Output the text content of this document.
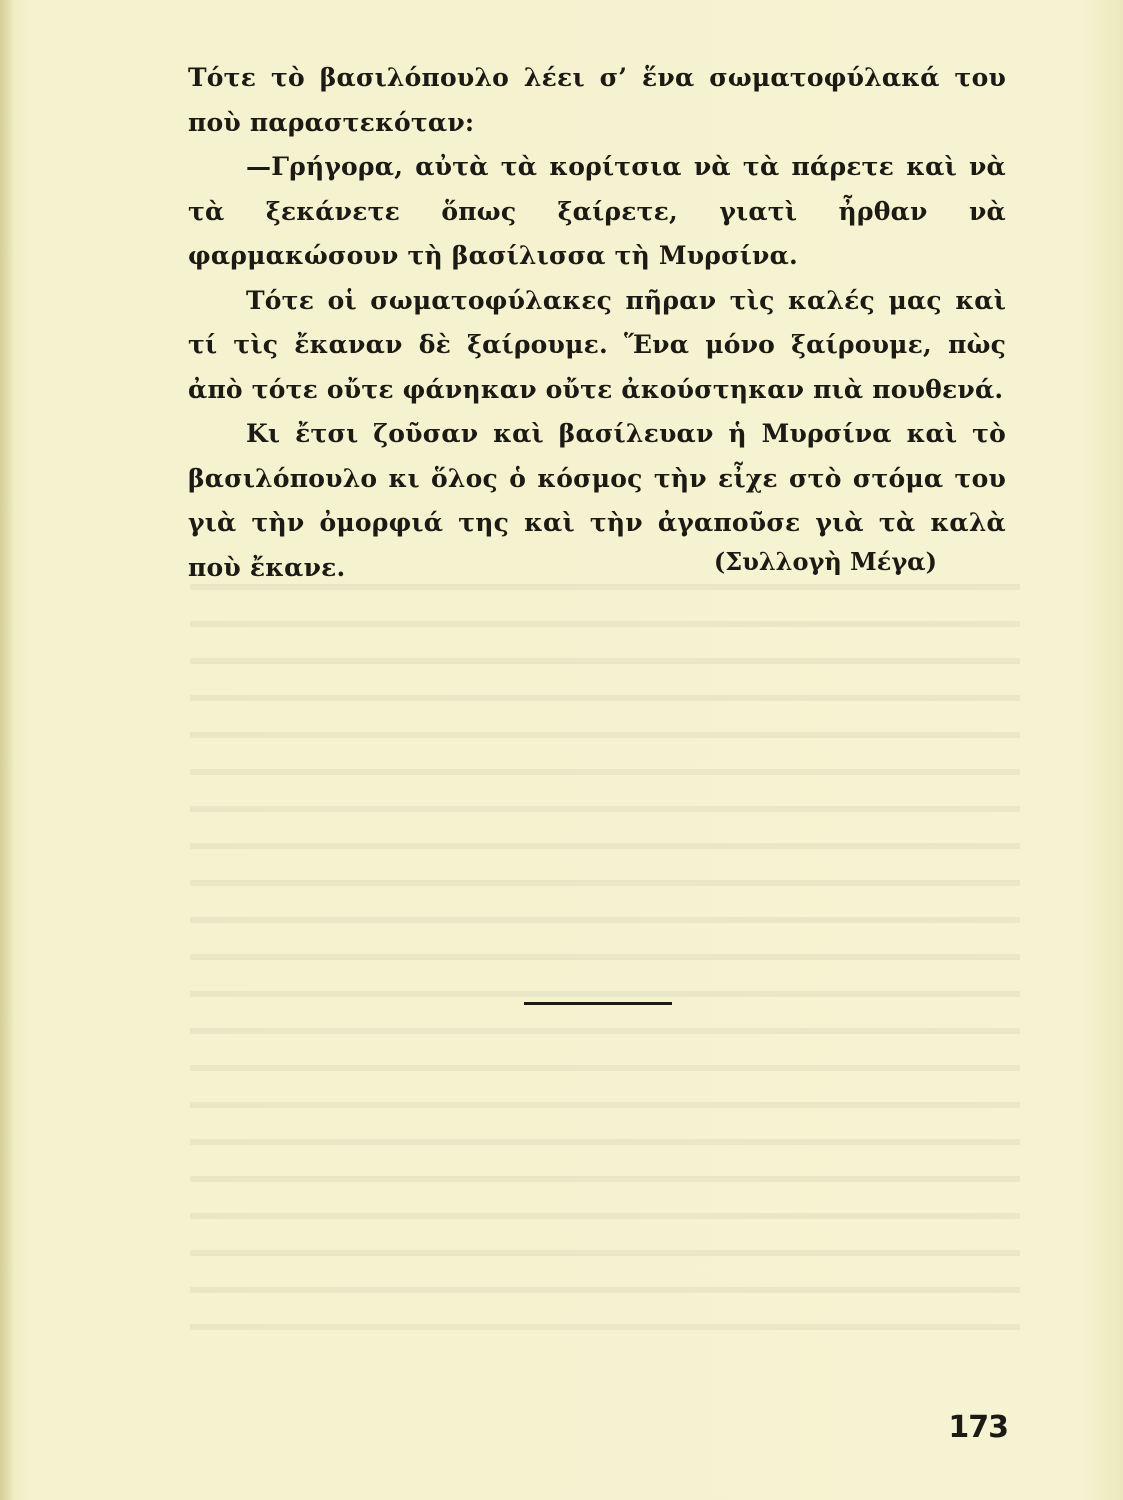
Τότε τὸ βασιλόπουλο λέει σ’ ἕνα σωματοφύλακά του ποὺ παραστεκόταν:

—Γρήγορα, αὐτὰ τὰ κορίτσια νὰ τὰ πάρετε καὶ νὰ τὰ ξεκάνετε ὅπως ξαίρετε, γιατὶ ἦρθαν νὰ φαρμακώσουν τὴ βασίλισσα τὴ Μυρσίνα.

Τότε οἱ σωματοφύλακες πῆραν τὶς καλές μας καὶ τί τὶς ἔκαναν δὲ ξαίρουμε. Ἕνα μόνο ξαίρουμε, πὼς ἀπὸ τότε οὔτε φάνηκαν οὔτε ἀκούστηκαν πιὰ πουθενά.

Κι ἔτσι ζοῦσαν καὶ βασίλευαν ἡ Μυρσίνα καὶ τὸ βασιλόπουλο κι ὅλος ὁ κόσμος τὴν εἶχε στὸ στόμα του γιὰ τὴν ὀμορφιά της καὶ τὴν ἀγαποῦσε γιὰ τὰ καλὰ ποὺ ἔκανε.	(Συλλογὴ Μέγα)
173
